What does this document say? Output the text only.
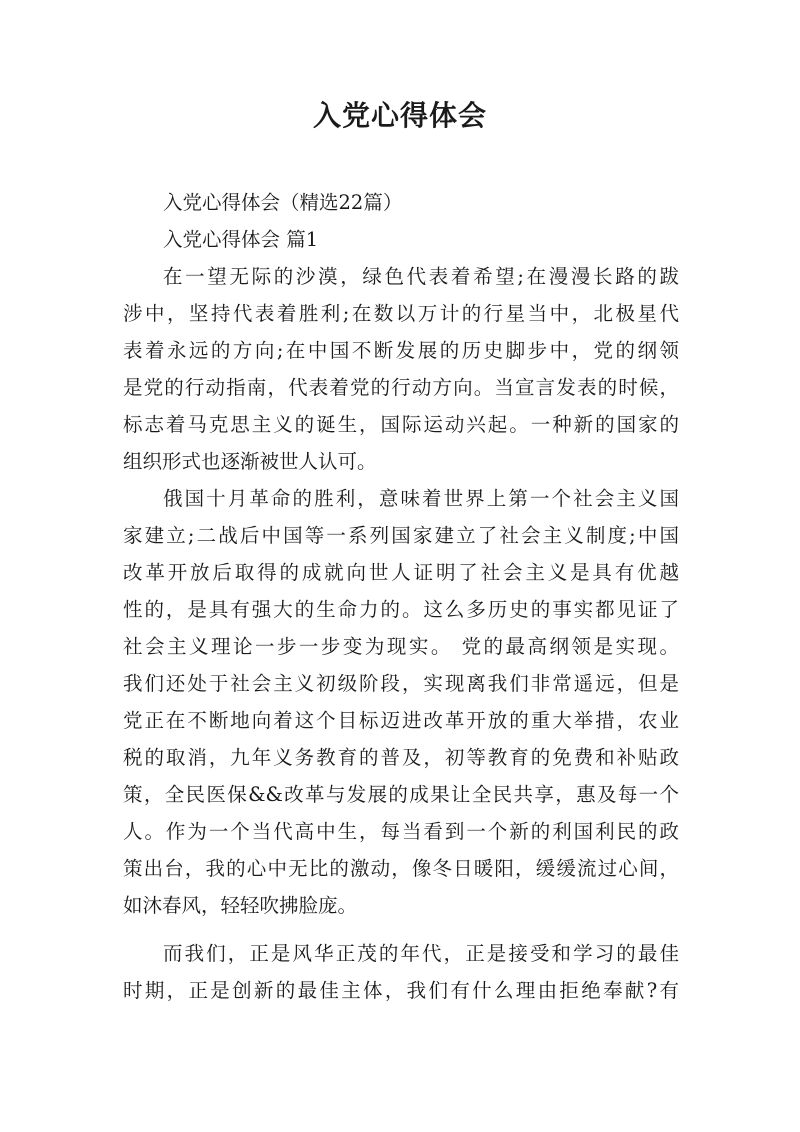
入党心得体会
入党心得体会（精选22篇）
入党心得体会 篇1
在一望无际的沙漠，绿色代表着希望;在漫漫长路的跋
涉中，坚持代表着胜利;在数以万计的行星当中，北极星代
表着永远的方向;在中国不断发展的历史脚步中，党的纲领
是党的行动指南，代表着党的行动方向。当宣言发表的时候，
标志着马克思主义的诞生，国际运动兴起。一种新的国家的
组织形式也逐渐被世人认可。
俄国十月革命的胜利，意味着世界上第一个社会主义国
家建立;二战后中国等一系列国家建立了社会主义制度;中国
改革开放后取得的成就向世人证明了社会主义是具有优越
性的，是具有强大的生命力的。这么多历史的事实都见证了
社会主义理论一步一步变为现实。 党的最高纲领是实现。
我们还处于社会主义初级阶段，实现离我们非常遥远，但是
党正在不断地向着这个目标迈进改革开放的重大举措，农业
税的取消，九年义务教育的普及，初等教育的免费和补贴政
策，全民医保&&改革与发展的成果让全民共享，惠及每一个
人。作为一个当代高中生，每当看到一个新的利国利民的政
策出台，我的心中无比的激动，像冬日暖阳，缓缓流过心间，
如沐春风，轻轻吹拂脸庞。
而我们，正是风华正茂的年代，正是接受和学习的最佳
时期，正是创新的最佳主体，我们有什么理由拒绝奉献?有
